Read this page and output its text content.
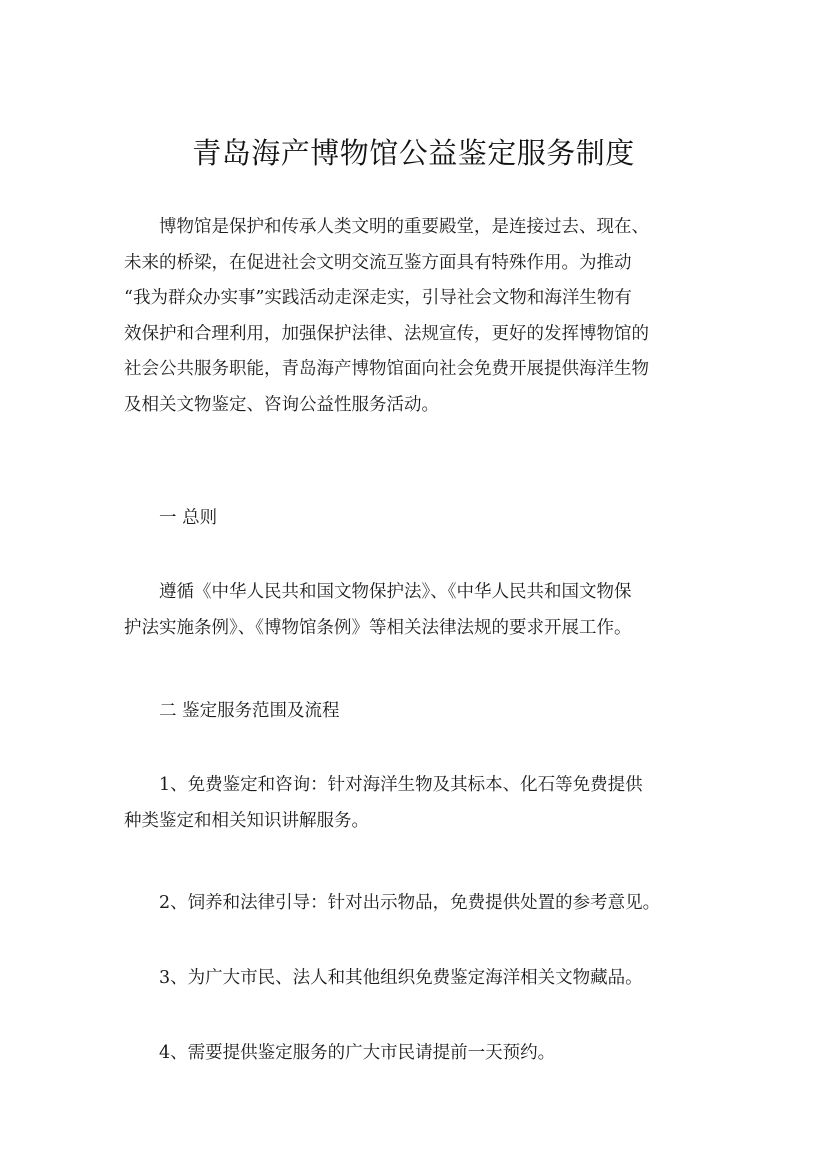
青岛海产博物馆公益鉴定服务制度
博物馆是保护和传承人类文明的重要殿堂，是连接过去、现在、
未来的桥梁，在促进社会文明交流互鉴方面具有特殊作用。为推动
“我为群众办实事”实践活动走深走实，引导社会文物和海洋生物有
效保护和合理利用，加强保护法律、法规宣传，更好的发挥博物馆的
社会公共服务职能，青岛海产博物馆面向社会免费开展提供海洋生物
及相关文物鉴定、咨询公益性服务活动。
一 总则
遵循《中华人民共和国文物保护法》、《中华人民共和国文物保
护法实施条例》、《博物馆条例》等相关法律法规的要求开展工作。
二 鉴定服务范围及流程
1、免费鉴定和咨询：针对海洋生物及其标本、化石等免费提供
种类鉴定和相关知识讲解服务。
2、饲养和法律引导：针对出示物品，免费提供处置的参考意见。
3、为广大市民、法人和其他组织免费鉴定海洋相关文物藏品。
4、需要提供鉴定服务的广大市民请提前一天预约。
